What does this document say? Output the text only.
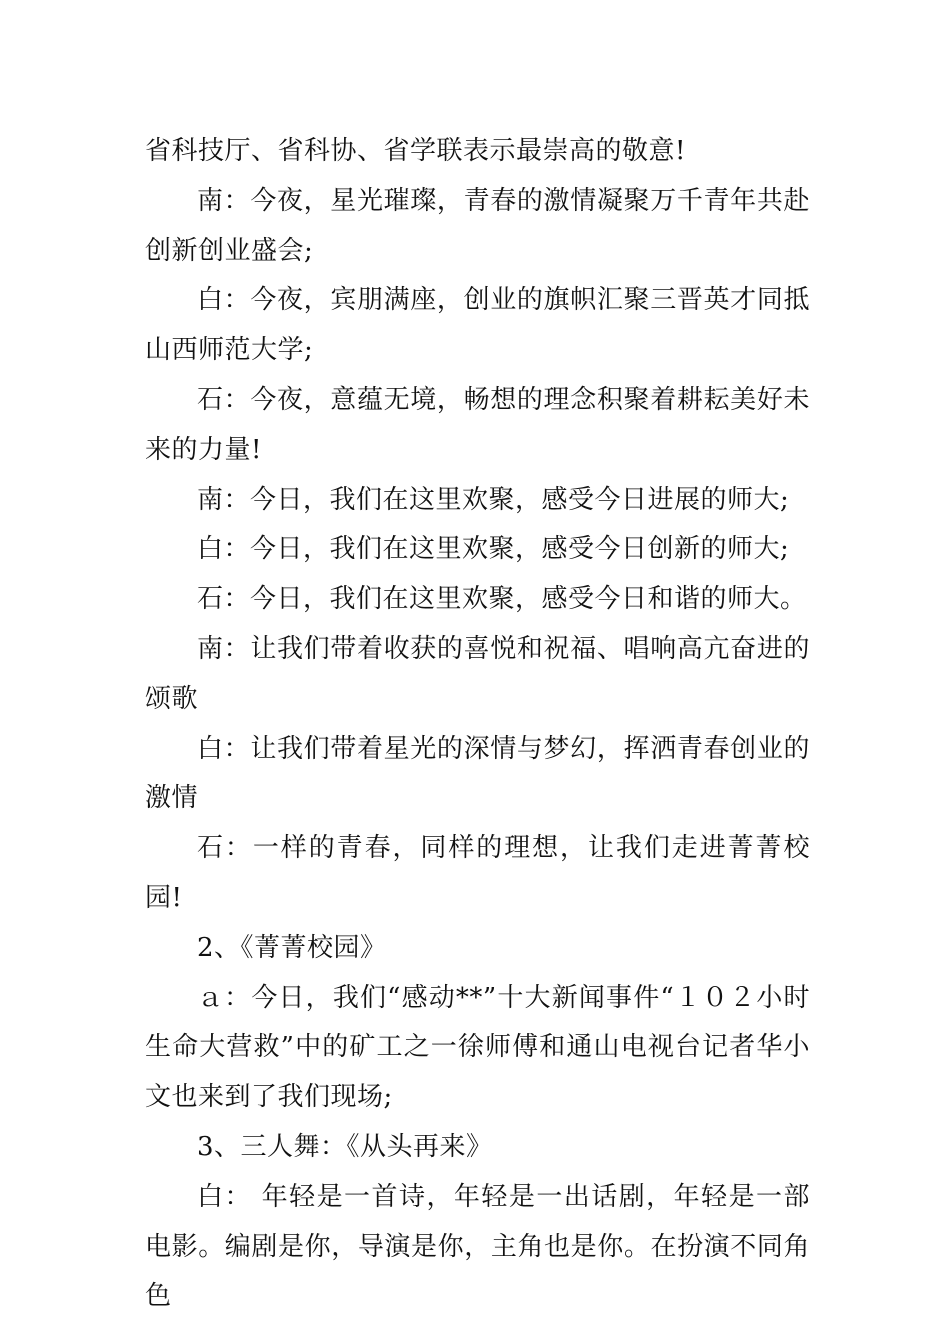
省科技厅、省科协、省学联表示最崇高的敬意!

南：今夜，星光璀璨，青春的激情凝聚万千青年共赴创新创业盛会;

白：今夜，宾朋满座，创业的旗帜汇聚三晋英才同抵山西师范大学;

石：今夜，意蕴无境，畅想的理念积聚着耕耘美好未来的力量!

南：今日，我们在这里欢聚，感受今日进展的师大;

白：今日，我们在这里欢聚，感受今日创新的师大;

石：今日，我们在这里欢聚，感受今日和谐的师大。

南：让我们带着收获的喜悦和祝福、唱响高亢奋进的颂歌

白：让我们带着星光的深情与梦幻，挥洒青春创业的激情

石：一样的青春，同样的理想，让我们走进菁菁校园!

2、《菁菁校园》

ａ：今日，我们“感动**”十大新闻事件“１０２小时生命大营救”中的矿工之一徐师傅和通山电视台记者华小文也来到了我们现场;

3、三人舞：《从头再来》

白： 年轻是一首诗，年轻是一出话剧，年轻是一部电影。编剧是你，导演是你，主角也是你。在扮演不同角色
